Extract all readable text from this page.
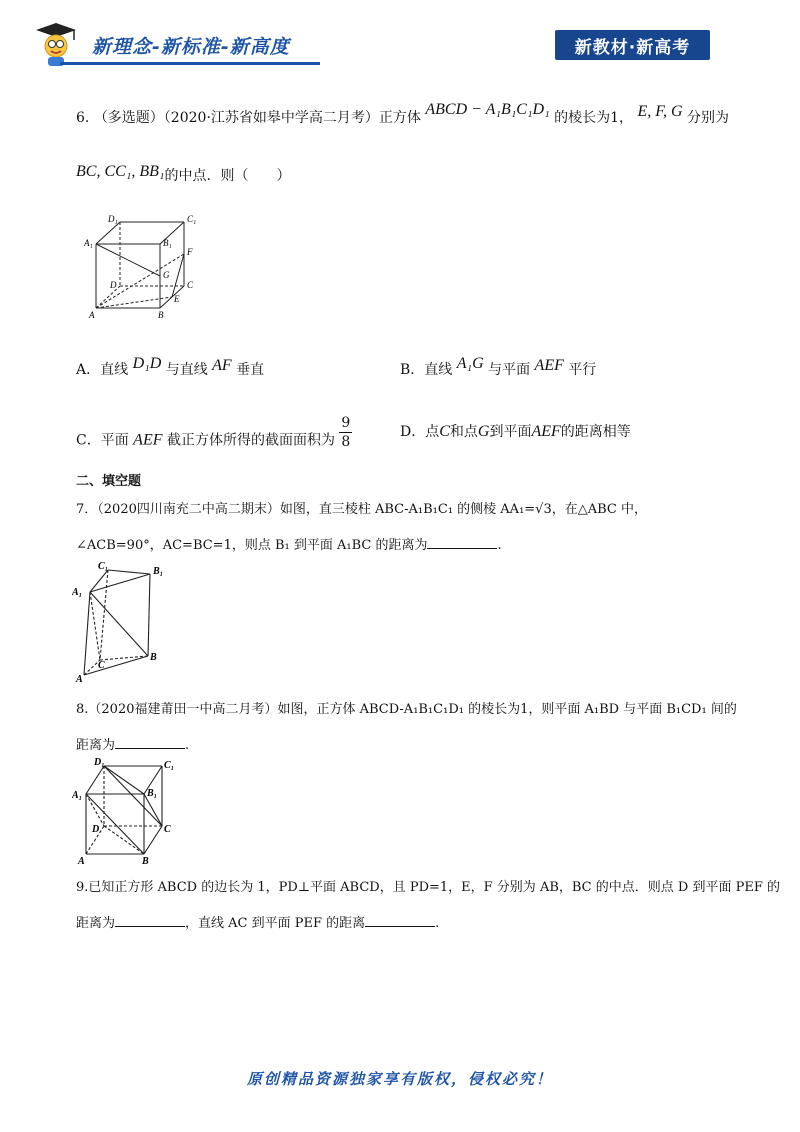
新理念-新标准-新高度	新教材·新高考
6. （多选题）（2020·江苏省如皋中学高二月考）正方体 ABCD − A₁B₁C₁D₁ 的棱长为1， E, F, G 分别为
BC, CC₁, BB₁的中点．则（　　）
D₁	C₁
A₁	B₁
F
G
D	C
E
A	B
A．直线 D₁D 与直线 AF 垂直	B．直线 A₁G 与平面 AEF 平行
C．平面 AEF 截正方体所得的截面面积为 $\frac{9}{8}$	D．点C和点G到平面AEF的距离相等
二、填空题
7．（2020四川南充二中高二期末）如图，直三棱柱 ABC-A₁B₁C₁ 的侧棱 AA₁=√3，在△ABC 中，
∠ACB=90°，AC=BC=1，则点 B₁ 到平面 A₁BC 的距离为	.
C₁	B₁
A₁
C
B
A
8.（2020福建莆田一中高二月考）如图，正方体 ABCD-A₁B₁C₁D₁ 的棱长为1，则平面 A₁BD 与平面 B₁CD₁ 间的
距离为	.
D₁	C₁
A₁	B₁
D	C
A	B
9.已知正方形 ABCD 的边长为 1，PD⊥平面 ABCD，且 PD=1，E，F 分别为 AB，BC 的中点．则点 D 到平面 PEF 的
距离为	，直线 AC 到平面 PEF 的距离	.
原创精品资源独家享有版权，侵权必究！
